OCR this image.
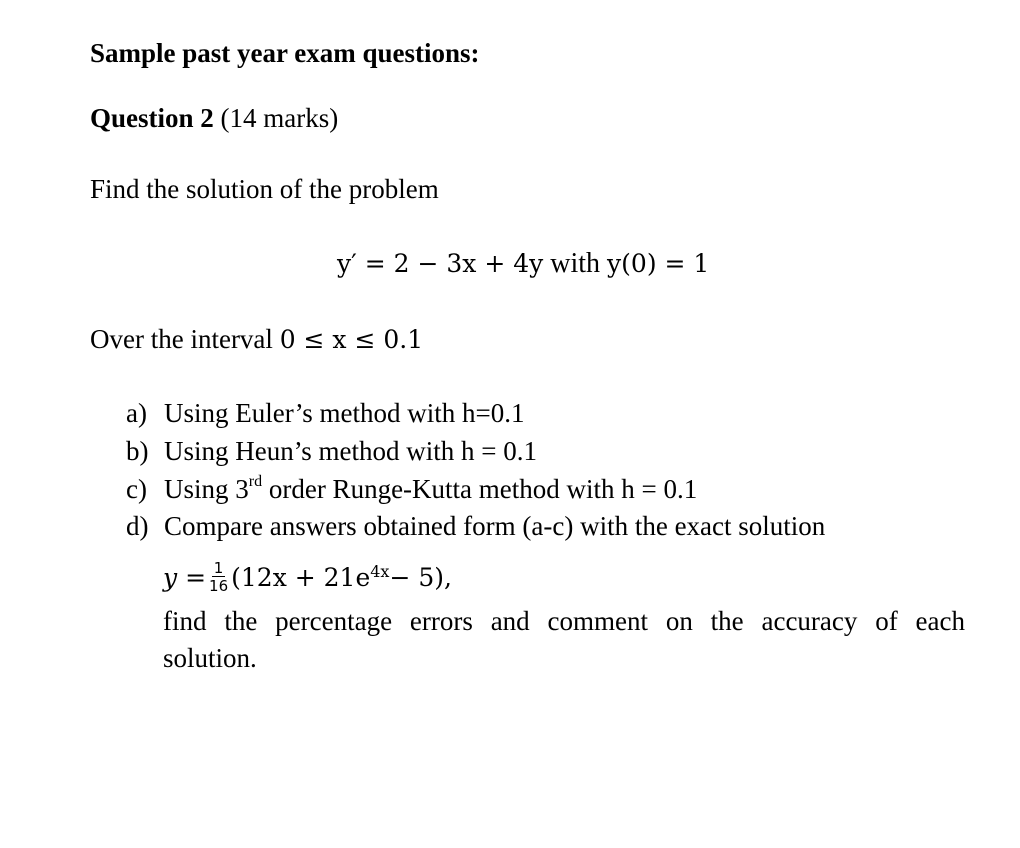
Sample past year exam questions:
Question 2 (14 marks)
Find the solution of the problem
y′ = 2 − 3x + 4y with y(0) = 1
Over the interval 0 ≤ x ≤ 0.1
a) Using Euler’s method with h=0.1
b) Using Heun’s method with h = 0.1
c) Using 3rd order Runge-Kutta method with h = 0.1
d) Compare answers obtained form (a-c) with the exact solution
$y = \frac{1}{16} (12x + 21e^{4x} - 5)$,
find the percentage errors and comment on the accuracy of each
solution.
